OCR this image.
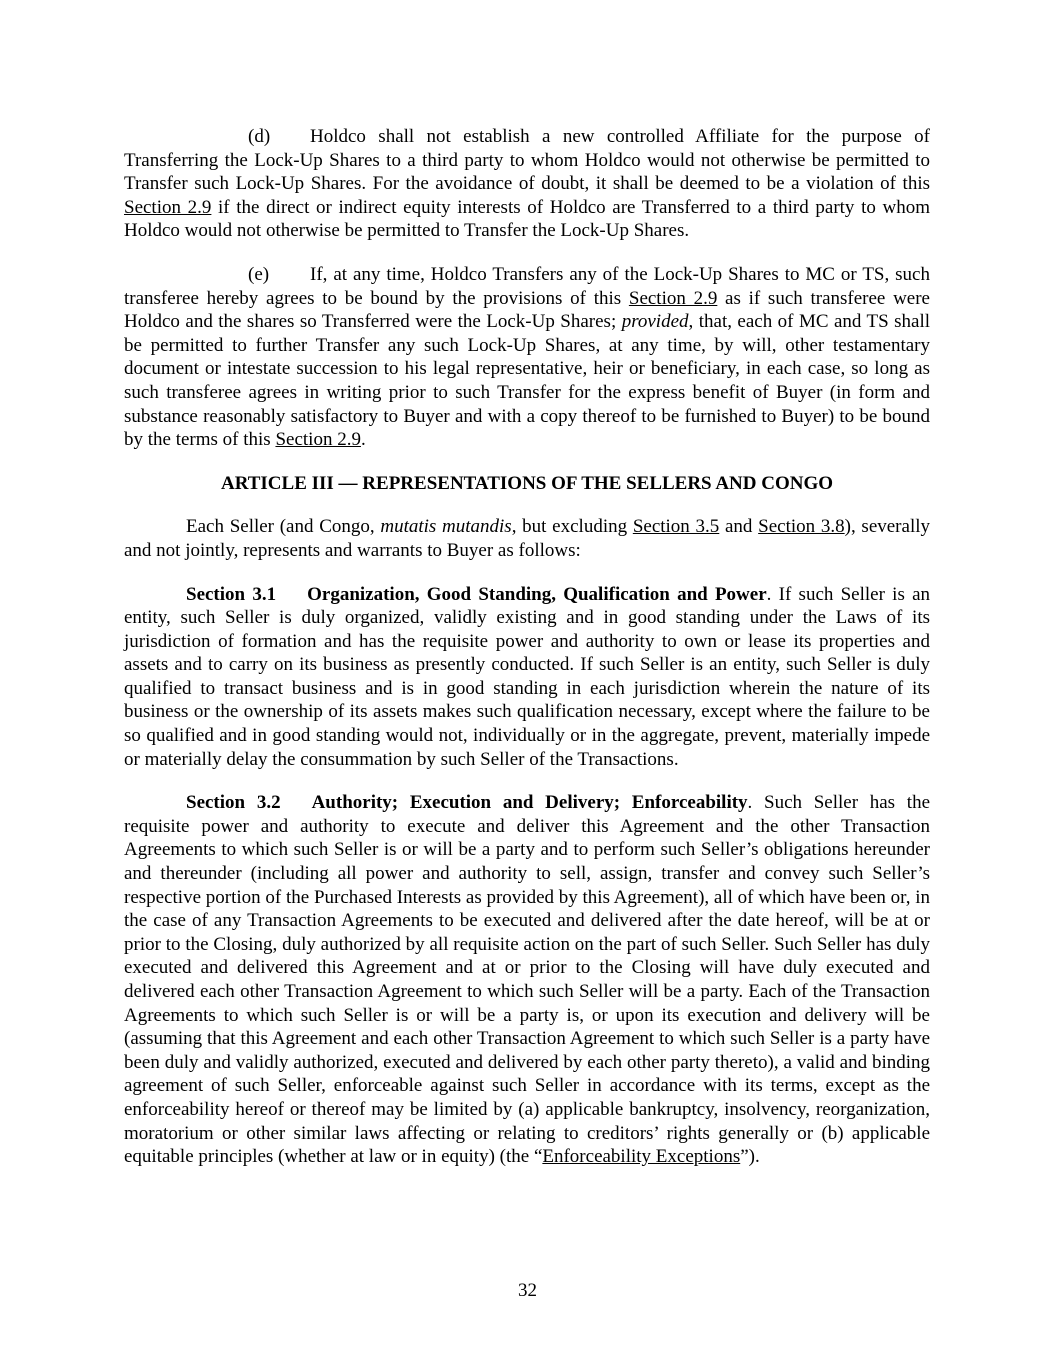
(d) Holdco shall not establish a new controlled Affiliate for the purpose of Transferring the Lock-Up Shares to a third party to whom Holdco would not otherwise be permitted to Transfer such Lock-Up Shares. For the avoidance of doubt, it shall be deemed to be a violation of this Section 2.9 if the direct or indirect equity interests of Holdco are Transferred to a third party to whom Holdco would not otherwise be permitted to Transfer the Lock-Up Shares.

(e) If, at any time, Holdco Transfers any of the Lock-Up Shares to MC or TS, such transferee hereby agrees to be bound by the provisions of this Section 2.9 as if such transferee were Holdco and the shares so Transferred were the Lock-Up Shares; provided, that, each of MC and TS shall be permitted to further Transfer any such Lock-Up Shares, at any time, by will, other testamentary document or intestate succession to his legal representative, heir or beneficiary, in each case, so long as such transferee agrees in writing prior to such Transfer for the express benefit of Buyer (in form and substance reasonably satisfactory to Buyer and with a copy thereof to be furnished to Buyer) to be bound by the terms of this Section 2.9.

ARTICLE III — REPRESENTATIONS OF THE SELLERS AND CONGO

Each Seller (and Congo, mutatis mutandis, but excluding Section 3.5 and Section 3.8), severally and not jointly, represents and warrants to Buyer as follows:

Section 3.1 Organization, Good Standing, Qualification and Power. If such Seller is an entity, such Seller is duly organized, validly existing and in good standing under the Laws of its jurisdiction of formation and has the requisite power and authority to own or lease its properties and assets and to carry on its business as presently conducted. If such Seller is an entity, such Seller is duly qualified to transact business and is in good standing in each jurisdiction wherein the nature of its business or the ownership of its assets makes such qualification necessary, except where the failure to be so qualified and in good standing would not, individually or in the aggregate, prevent, materially impede or materially delay the consummation by such Seller of the Transactions.

Section 3.2 Authority; Execution and Delivery; Enforceability. Such Seller has the requisite power and authority to execute and deliver this Agreement and the other Transaction Agreements to which such Seller is or will be a party and to perform such Seller’s obligations hereunder and thereunder (including all power and authority to sell, assign, transfer and convey such Seller’s respective portion of the Purchased Interests as provided by this Agreement), all of which have been or, in the case of any Transaction Agreements to be executed and delivered after the date hereof, will be at or prior to the Closing, duly authorized by all requisite action on the part of such Seller. Such Seller has duly executed and delivered this Agreement and at or prior to the Closing will have duly executed and delivered each other Transaction Agreement to which such Seller will be a party. Each of the Transaction Agreements to which such Seller is or will be a party is, or upon its execution and delivery will be (assuming that this Agreement and each other Transaction Agreement to which such Seller is a party have been duly and validly authorized, executed and delivered by each other party thereto), a valid and binding agreement of such Seller, enforceable against such Seller in accordance with its terms, except as the enforceability hereof or thereof may be limited by (a) applicable bankruptcy, insolvency, reorganization, moratorium or other similar laws affecting or relating to creditors’ rights generally or (b) applicable equitable principles (whether at law or in equity) (the “Enforceability Exceptions”).

32
